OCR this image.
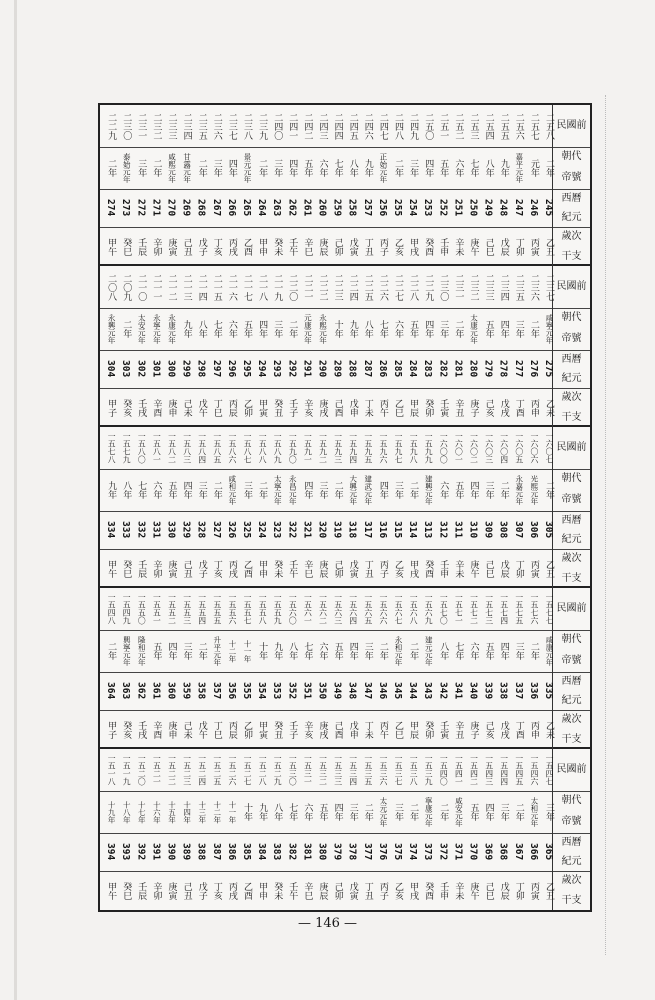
民國前
二五八
二五七
二五六
二五五
二五四
二五三
二五二
二五一
二五〇
二四九
二四八
二四七
二四六
二四五
二四四
二四三
二四二
二四一
二四〇
二三九
二三八
二三七
二三六
二三五
二三四
二三三
二三二
二三一
二三〇
二二九
朝代
帝號
二年
元年
嘉平元年
九年
八年
七年
六年
五年
四年
三年
二年
正始元年
九年
八年
七年
六年
五年
四年
三年
二年
景元元年
四年
三年
二年
甘露元年
咸熙元年
二年
三年
泰始元年
二年
西曆
紀元
245
246
247
248
249
250
251
252
253
254
255
256
257
258
259
260
261
262
263
264
265
266
267
268
269
270
271
272
273
274
歲次
干支
乙丑
丙寅
丁卯
戊辰
己巳
庚午
辛未
壬申
癸酉
甲戌
乙亥
丙子
丁丑
戊寅
己卯
庚辰
辛巳
壬午
癸未
甲申
乙酉
丙戌
丁亥
戊子
己丑
庚寅
辛卯
壬辰
癸巳
甲午
民國前
二三七
二三六
二三五
二三四
二三三
二三二
二三一
二三〇
二二九
二二八
二二七
二二六
二二五
二二四
二二三
二二二
二二一
二二〇
二一九
二一八
二一七
二一六
二一五
二一四
二一三
二一二
二一一
二一〇
二〇九
二〇八
朝代
帝號
咸寧元年
二年
三年
四年
五年
太康元年
二年
三年
四年
五年
六年
七年
八年
九年
十年
永熙元年
元康元年
二年
三年
四年
五年
六年
七年
八年
九年
永康元年
永寧元年
太安元年
二年
永興元年
西曆
紀元
275
276
277
278
279
280
281
282
283
284
285
286
287
288
289
290
291
292
293
294
295
296
297
298
299
300
301
302
303
304
歲次
干支
乙未
丙申
丁酉
戊戌
己亥
庚子
辛丑
壬寅
癸卯
甲辰
乙巳
丙午
丁未
戊申
己酉
庚戌
辛亥
壬子
癸丑
甲寅
乙卯
丙辰
丁巳
戊午
己未
庚申
辛酉
壬戌
癸亥
甲子
民國前
一六〇七
一六〇六
一六〇五
一六〇四
一六〇三
一六〇二
一六〇一
一六〇〇
一五九九
一五九八
一五九七
一五九六
一五九五
一五九四
一五九三
一五九二
一五九一
一五九〇
一五八九
一五八八
一五八七
一五八六
一五八五
一五八四
一五八三
一五八二
一五八一
一五八〇
一五七九
一五七八
朝代
帝號
二年
光熙元年
永嘉元年
二年
三年
四年
五年
六年
建興元年
二年
三年
四年
建武元年
大興元年
二年
三年
四年
永昌元年
太寧元年
二年
三年
咸和元年
二年
三年
四年
五年
六年
七年
八年
九年
西曆
紀元
305
306
307
308
309
310
311
312
313
314
315
316
317
318
319
320
321
322
323
324
325
326
327
328
329
330
331
332
333
334
歲次
干支
乙丑
丙寅
丁卯
戊辰
己巳
庚午
辛未
壬申
癸酉
甲戌
乙亥
丙子
丁丑
戊寅
己卯
庚辰
辛巳
壬午
癸未
甲申
乙酉
丙戌
丁亥
戊子
己丑
庚寅
辛卯
壬辰
癸巳
甲午
民國前
一五七七
一五七六
一五七五
一五七四
一五七三
一五七二
一五七一
一五七〇
一五六九
一五六八
一五六七
一五六六
一五六五
一五六四
一五六三
一五六二
一五六一
一五六〇
一五五九
一五五八
一五五七
一五五六
一五五五
一五五四
一五五三
一五五二
一五五一
一五五〇
一五四九
一五四八
朝代
帝號
咸康元年
二年
三年
四年
五年
六年
七年
八年
建元元年
二年
永和元年
二年
三年
四年
五年
六年
七年
八年
九年
十年
十一年
十二年
升平元年
二年
三年
四年
五年
隆和元年
興寧元年
二年
西曆
紀元
335
336
337
338
339
340
341
342
343
344
345
346
347
348
349
350
351
352
353
354
355
356
357
358
359
360
361
362
363
364
歲次
干支
乙未
丙申
丁酉
戊戌
己亥
庚子
辛丑
壬寅
癸卯
甲辰
乙巳
丙午
丁未
戊申
己酉
庚戌
辛亥
壬子
癸丑
甲寅
乙卯
丙辰
丁巳
戊午
己未
庚申
辛酉
壬戌
癸亥
甲子
民國前
一五四七
一五四六
一五四五
一五四四
一五四三
一五四二
一五四一
一五四〇
一五三九
一五三八
一五三七
一五三六
一五三五
一五三四
一五三三
一五三二
一五三一
一五三〇
一五二九
一五二八
一五二七
一五二六
一五二五
一五二四
一五二三
一五二二
一五二一
一五二〇
一五一九
一五一八
朝代
帝號
三年
太和元年
二年
三年
四年
五年
咸安元年
二年
寧康元年
二年
三年
太元元年
二年
三年
四年
五年
六年
七年
八年
九年
十年
十一年
十二年
十三年
十四年
十五年
十六年
十七年
十八年
十九年
西曆
紀元
365
366
367
368
369
370
371
372
373
374
375
376
377
378
379
380
381
382
383
384
385
386
387
388
389
390
391
392
393
394
歲次
干支
乙丑
丙寅
丁卯
戊辰
己巳
庚午
辛未
壬申
癸酉
甲戌
乙亥
丙子
丁丑
戊寅
己卯
庚辰
辛巳
壬午
癸未
甲申
乙酉
丙戌
丁亥
戊子
己丑
庚寅
辛卯
壬辰
癸巳
甲午
— 146 —
